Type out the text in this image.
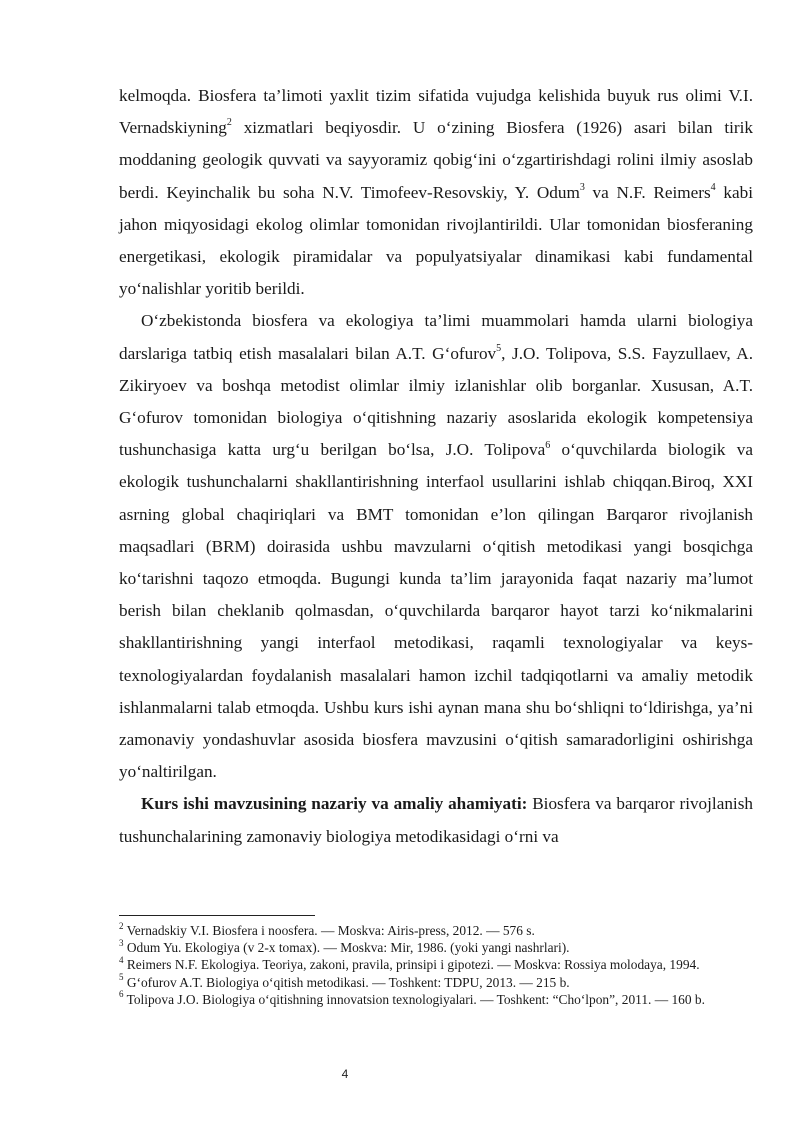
kelmoqda. Biosfera ta’limoti yaxlit tizim sifatida vujudga kelishida buyuk rus olimi V.I. Vernadskiyning$^2$ xizmatlari beqiyosdir. U o‘zining Biosfera (1926) asari bilan tirik moddaning geologik quvvati va sayyoramiz qobig‘ini o‘zgartirishdagi rolini ilmiy asoslab berdi. Keyinchalik bu soha N.V. Timofeev-Resovskiy, Y. Odum$^3$ va N.F. Reimers$^4$ kabi jahon miqyosidagi ekolog olimlar tomonidan rivojlantirildi. Ular tomonidan biosferaning energetikasi, ekologik piramidalar va populyatsiyalar dinamikasi kabi fundamental yo‘nalishlar yoritib berildi.

O‘zbekistonda biosfera va ekologiya ta’limi muammolari hamda ularni biologiya darslariga tatbiq etish masalalari bilan A.T. G‘ofurov$^5$, J.O. Tolipova, S.S. Fayzullaev, A. Zikiryoev va boshqa metodist olimlar ilmiy izlanishlar olib borganlar. Xususan, A.T. G‘ofurov tomonidan biologiya o‘qitishning nazariy asoslarida ekologik kompetensiya tushunchasiga katta urg‘u berilgan bo‘lsa, J.O. Tolipova$^6$ o‘quvchilarda biologik va ekologik tushunchalarni shakllantirishning interfaol usullarini ishlab chiqqan.Biroq, XXI asrning global chaqiriqlari va BMT tomonidan e’lon qilingan Barqaror rivojlanish maqsadlari (BRM) doirasida ushbu mavzularni o‘qitish metodikasi yangi bosqichga ko‘tarishni taqozo etmoqda. Bugungi kunda ta’lim jarayonida faqat nazariy ma’lumot berish bilan cheklanib qolmasdan, o‘quvchilarda barqaror hayot tarzi ko‘nikmalarini shakllantirishning yangi interfaol metodikasi, raqamli texnologiyalar va keys-texnologiyalardan foydalanish masalalari hamon izchil tadqiqotlarni va amaliy metodik ishlanmalarni talab etmoqda. Ushbu kurs ishi aynan mana shu bo‘shliqni to‘ldirishga, ya’ni zamonaviy yondashuvlar asosida biosfera mavzusini o‘qitish samaradorligini oshirishga yo‘naltirilgan.

Kurs ishi mavzusining nazariy va amaliy ahamiyati: Biosfera va barqaror rivojlanish tushunchalarining zamonaviy biologiya metodikasidagi o‘rni va

$^2$ Vernadskiy V.I. Biosfera i noosfera. — Moskva: Airis-press, 2012. — 576 s.

$^3$ Odum Yu. Ekologiya (v 2-x tomax). — Moskva: Mir, 1986. (yoki yangi nashrlari).

$^4$ Reimers N.F. Ekologiya. Teoriya, zakoni, pravila, prinsipi i gipotezi. — Moskva: Rossiya molodaya, 1994.

$^5$ G‘ofurov A.T. Biologiya o‘qitish metodikasi. — Toshkent: TDPU, 2013. — 215 b.

$^6$ Tolipova J.O. Biologiya o‘qitishning innovatsion texnologiyalari. — Toshkent: “Cho‘lpon”, 2011. — 160 b.

4
